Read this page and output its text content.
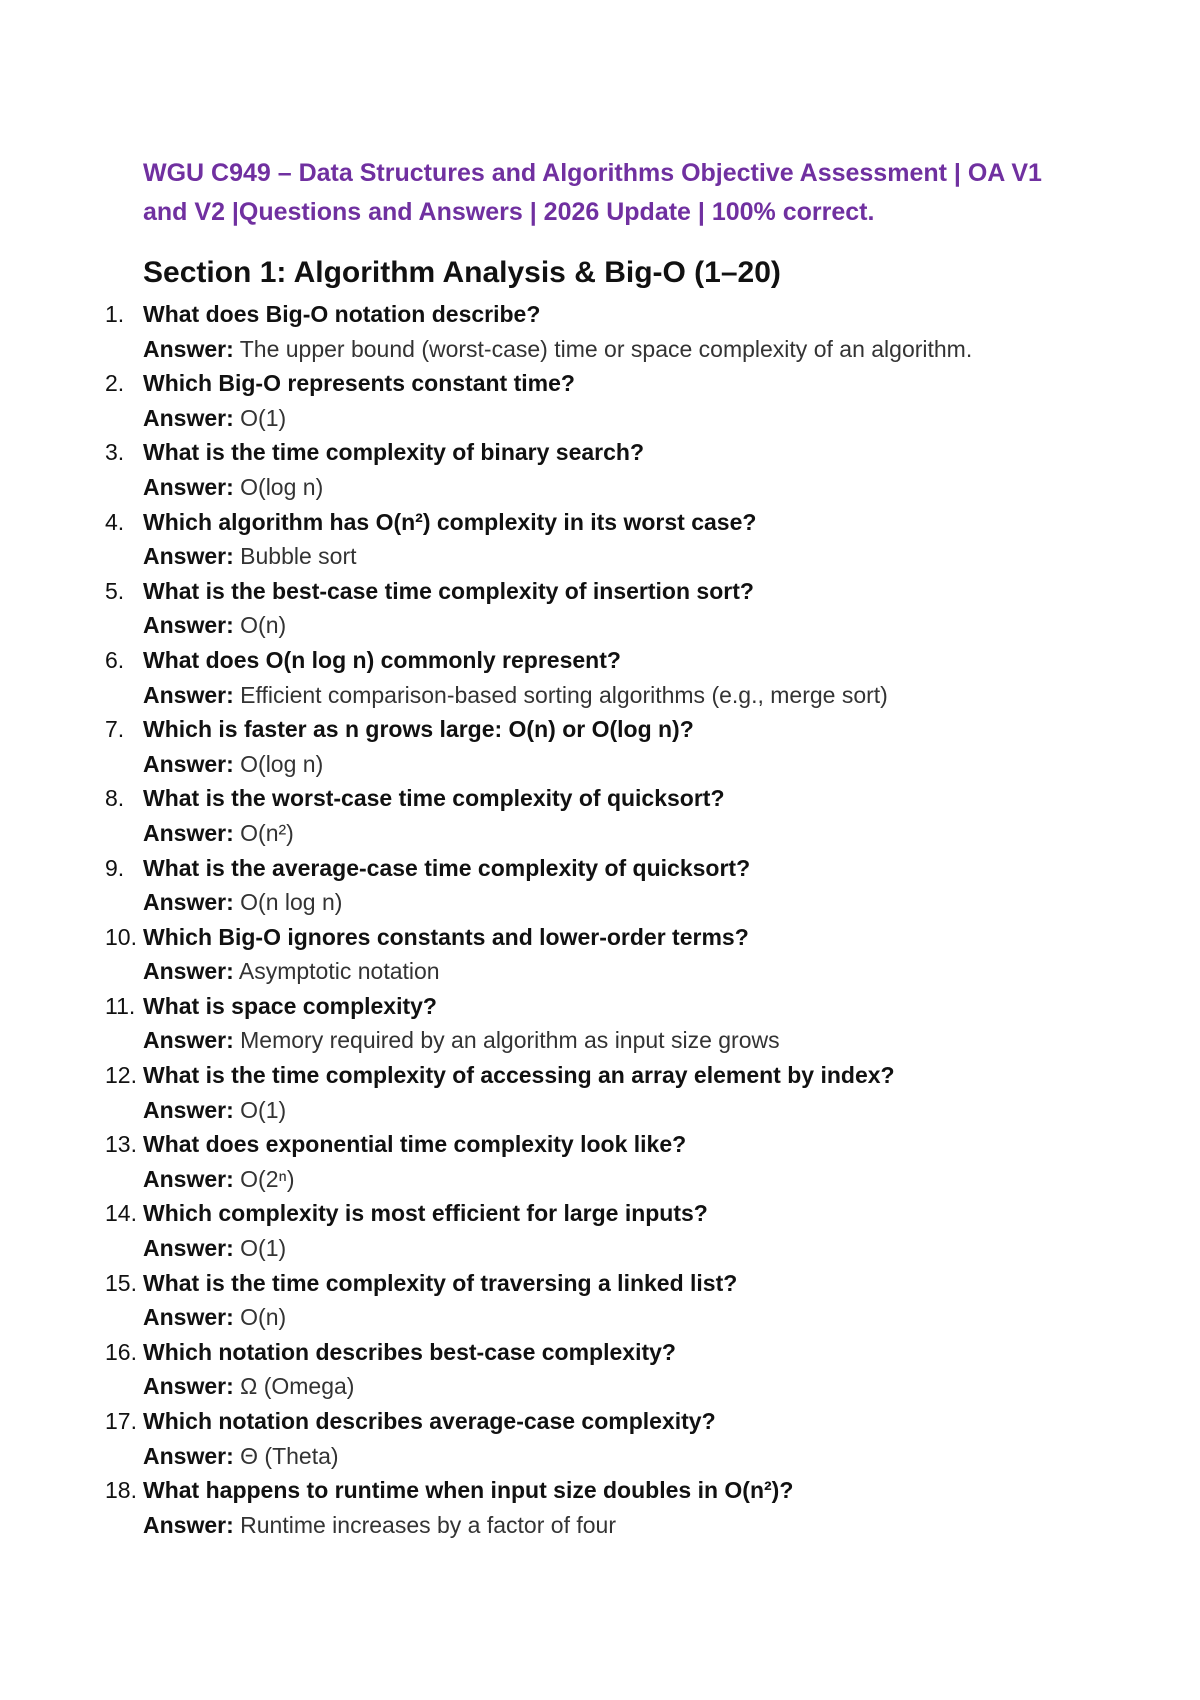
WGU C949 – Data Structures and Algorithms Objective Assessment | OA V1 and V2 |Questions and Answers | 2026 Update | 100% correct.
Section 1: Algorithm Analysis & Big-O (1–20)
1. What does Big-O notation describe?
Answer: The upper bound (worst-case) time or space complexity of an algorithm.
2. Which Big-O represents constant time?
Answer: O(1)
3. What is the time complexity of binary search?
Answer: O(log n)
4. Which algorithm has O(n²) complexity in its worst case?
Answer: Bubble sort
5. What is the best-case time complexity of insertion sort?
Answer: O(n)
6. What does O(n log n) commonly represent?
Answer: Efficient comparison-based sorting algorithms (e.g., merge sort)
7. Which is faster as n grows large: O(n) or O(log n)?
Answer: O(log n)
8. What is the worst-case time complexity of quicksort?
Answer: O(n²)
9. What is the average-case time complexity of quicksort?
Answer: O(n log n)
10. Which Big-O ignores constants and lower-order terms?
Answer: Asymptotic notation
11. What is space complexity?
Answer: Memory required by an algorithm as input size grows
12. What is the time complexity of accessing an array element by index?
Answer: O(1)
13. What does exponential time complexity look like?
Answer: O(2ⁿ)
14. Which complexity is most efficient for large inputs?
Answer: O(1)
15. What is the time complexity of traversing a linked list?
Answer: O(n)
16. Which notation describes best-case complexity?
Answer: Ω (Omega)
17. Which notation describes average-case complexity?
Answer: Θ (Theta)
18. What happens to runtime when input size doubles in O(n²)?
Answer: Runtime increases by a factor of four
